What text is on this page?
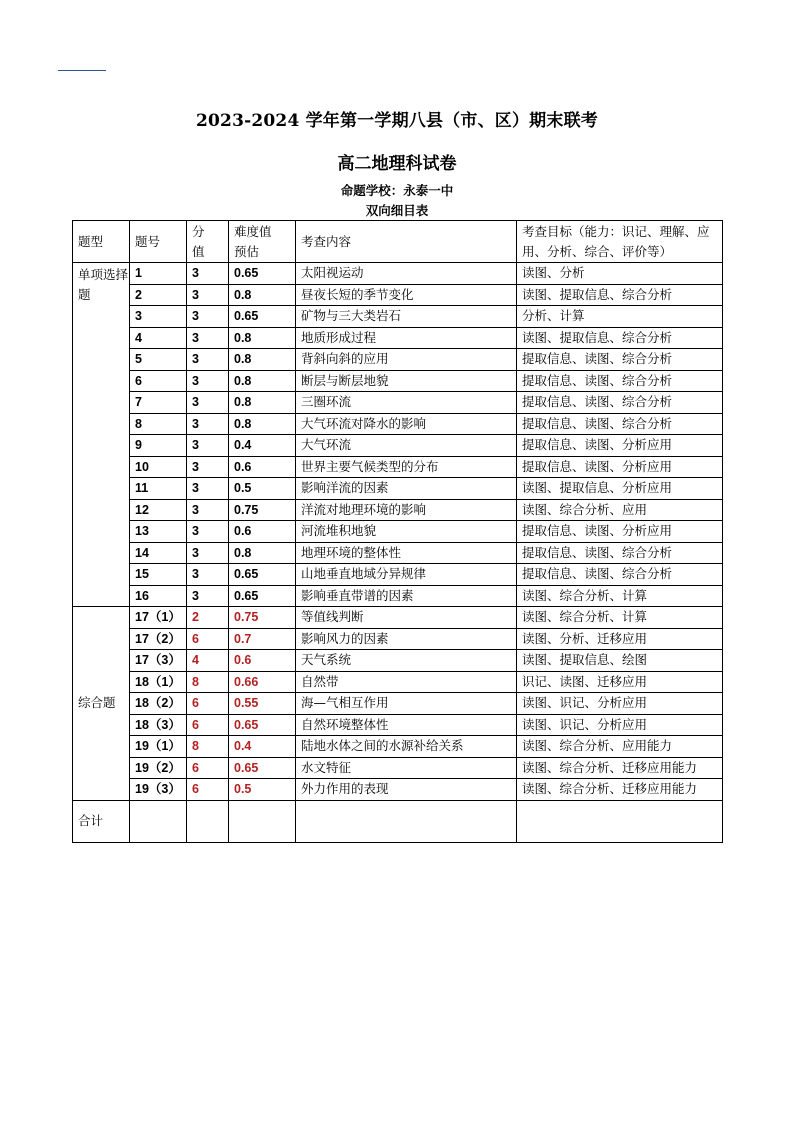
2023-2024 学年第一学期八县（市、区）期末联考
高二地理科试卷
命题学校：永泰一中
双向细目表
题型	题号	分值	难度值预估	考查内容	考查目标（能力：识记、理解、应用、分析、综合、评价等）
单项选择题	1	3	0.65	太阳视运动	读图、分析
	2	3	0.8	昼夜长短的季节变化	读图、提取信息、综合分析
	3	3	0.65	矿物与三大类岩石	分析、计算
	4	3	0.8	地质形成过程	读图、提取信息、综合分析
	5	3	0.8	背斜向斜的应用	提取信息、读图、综合分析
	6	3	0.8	断层与断层地貌	提取信息、读图、综合分析
	7	3	0.8	三圈环流	提取信息、读图、综合分析
	8	3	0.8	大气环流对降水的影响	提取信息、读图、综合分析
	9	3	0.4	大气环流	提取信息、读图、分析应用
	10	3	0.6	世界主要气候类型的分布	提取信息、读图、分析应用
	11	3	0.5	影响洋流的因素	读图、提取信息、分析应用
	12	3	0.75	洋流对地理环境的影响	读图、综合分析、应用
	13	3	0.6	河流堆积地貌	提取信息、读图、分析应用
	14	3	0.8	地理环境的整体性	提取信息、读图、综合分析
	15	3	0.65	山地垂直地域分异规律	提取信息、读图、综合分析
	16	3	0.65	影响垂直带谱的因素	读图、综合分析、计算
综合题	17（1）	2	0.75	等值线判断	读图、综合分析、计算
	17（2）	6	0.7	影响风力的因素	读图、分析、迁移应用
	17（3）	4	0.6	天气系统	读图、提取信息、绘图
	18（1）	8	0.66	自然带	识记、读图、迁移应用
	18（2）	6	0.55	海—气相互作用	读图、识记、分析应用
	18（3）	6	0.65	自然环境整体性	读图、识记、分析应用
	19（1）	8	0.4	陆地水体之间的水源补给关系	读图、综合分析、应用能力
	19（2）	6	0.65	水文特征	读图、综合分析、迁移应用能力
	19（3）	6	0.5	外力作用的表现	读图、综合分析、迁移应用能力
合计					
